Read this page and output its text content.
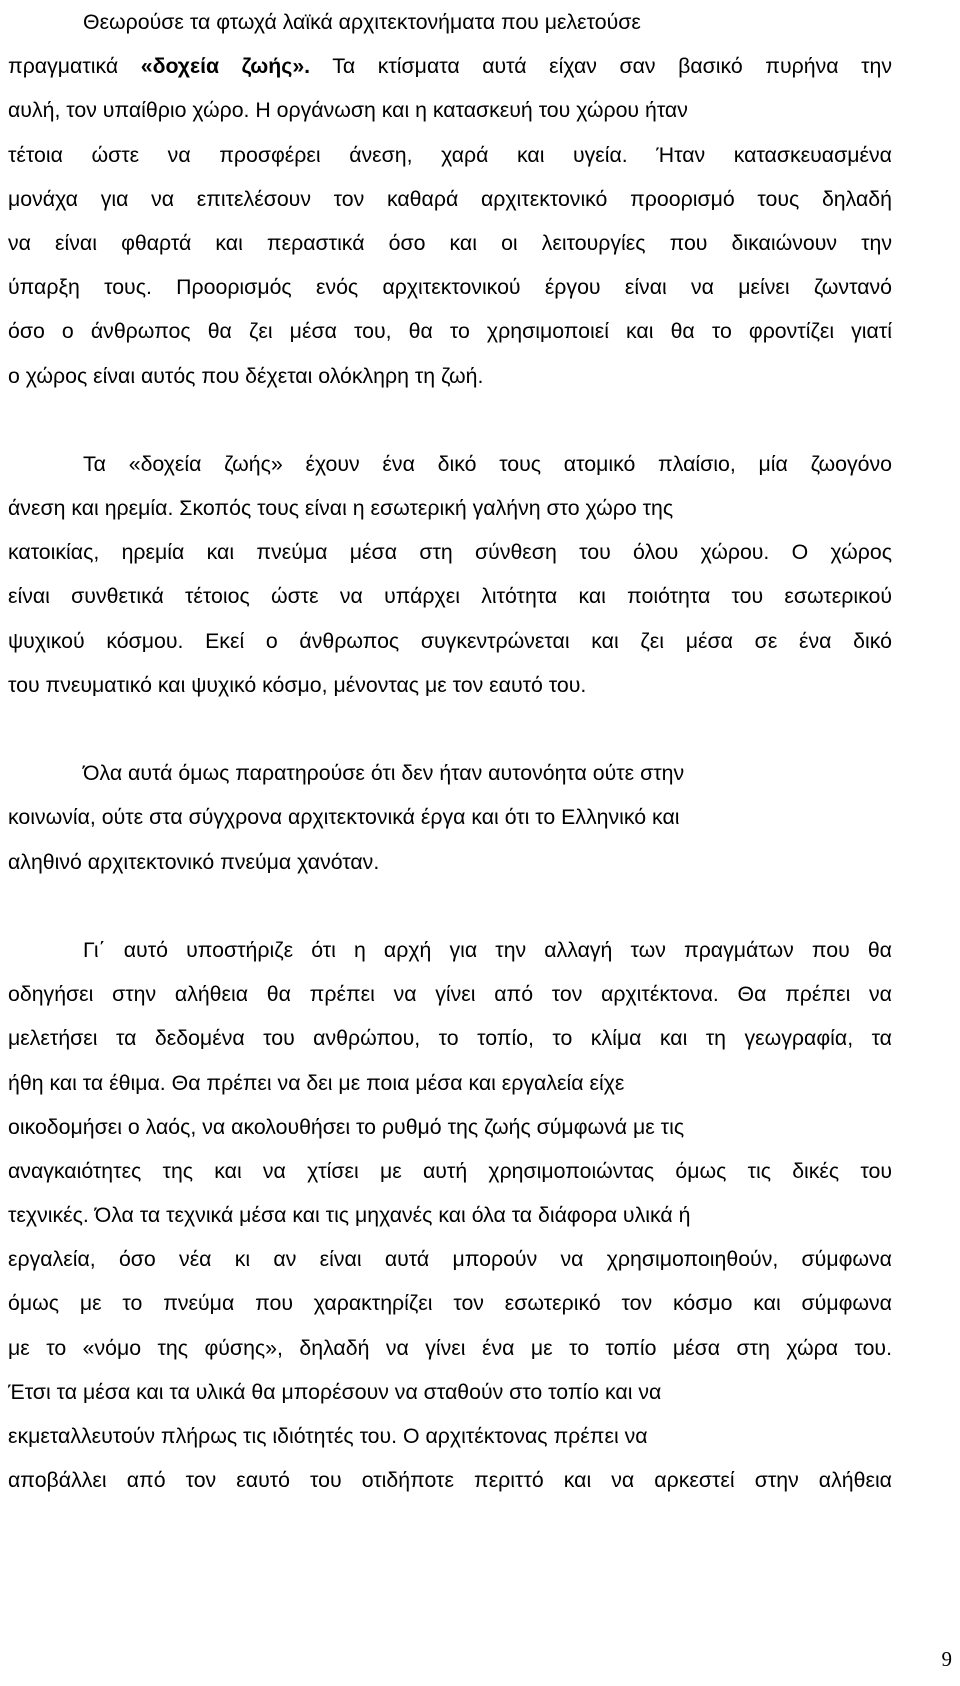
Θεωρούσε τα φτωχά λαϊκά αρχιτεκτονήματα που μελετούσε
πραγματικά «δοχεία ζωής». Τα κτίσματα αυτά είχαν σαν βασικό πυρήνα την
αυλή, τον υπαίθριο χώρο. Η οργάνωση και η κατασκευή του χώρου ήταν
τέτοια ώστε να προσφέρει άνεση, χαρά και υγεία. Ήταν κατασκευασμένα
μονάχα για να επιτελέσουν τον καθαρά αρχιτεκτονικό προορισμό τους δηλαδή
να είναι φθαρτά και περαστικά όσο και οι λειτουργίες που δικαιώνουν την
ύπαρξη τους. Προορισμός ενός αρχιτεκτονικού έργου είναι να μείνει ζωντανό
όσο ο άνθρωπος θα ζει μέσα του, θα το χρησιμοποιεί και θα το φροντίζει γιατί
ο χώρος είναι αυτός που δέχεται ολόκληρη τη ζωή.
Τα «δοχεία ζωής» έχουν ένα δικό τους ατομικό πλαίσιο, μία ζωογόνο
άνεση και ηρεμία. Σκοπός τους είναι η εσωτερική γαλήνη στο χώρο της
κατοικίας, ηρεμία και πνεύμα μέσα στη σύνθεση του όλου χώρου. Ο χώρος
είναι συνθετικά τέτοιος ώστε να υπάρχει λιτότητα και ποιότητα του εσωτερικού
ψυχικού κόσμου. Εκεί ο άνθρωπος συγκεντρώνεται και ζει μέσα σε ένα δικό
του πνευματικό και ψυχικό κόσμο, μένοντας με τον εαυτό του.
Όλα αυτά όμως παρατηρούσε ότι δεν ήταν αυτονόητα ούτε στην
κοινωνία, ούτε στα σύγχρονα αρχιτεκτονικά έργα και ότι το Ελληνικό και
αληθινό αρχιτεκτονικό πνεύμα χανόταν.
Γι΄ αυτό υποστήριζε ότι η αρχή για την αλλαγή των πραγμάτων που θα
οδηγήσει στην αλήθεια θα πρέπει να γίνει από τον αρχιτέκτονα. Θα πρέπει να
μελετήσει τα δεδομένα του ανθρώπου, το τοπίο, το κλίμα και τη γεωγραφία, τα
ήθη και τα έθιμα. Θα πρέπει να δει με ποια μέσα και εργαλεία είχε
οικοδομήσει ο λαός, να ακολουθήσει το ρυθμό της ζωής σύμφωνά με τις
αναγκαιότητες της και να χτίσει με αυτή χρησιμοποιώντας όμως τις δικές του
τεχνικές. Όλα τα τεχνικά μέσα και τις μηχανές και όλα τα διάφορα υλικά ή
εργαλεία, όσο νέα κι αν είναι αυτά μπορούν να χρησιμοποιηθούν, σύμφωνα
όμως με το πνεύμα που χαρακτηρίζει τον εσωτερικό τον κόσμο και σύμφωνα
με το «νόμο της φύσης», δηλαδή να γίνει ένα με το τοπίο μέσα στη χώρα του.
Έτσι τα μέσα και τα υλικά θα μπορέσουν να σταθούν στο τοπίο και να
εκμεταλλευτούν πλήρως τις ιδιότητές του. Ο αρχιτέκτονας πρέπει να
αποβάλλει από τον εαυτό του οτιδήποτε περιττό και να αρκεστεί στην αλήθεια
9
